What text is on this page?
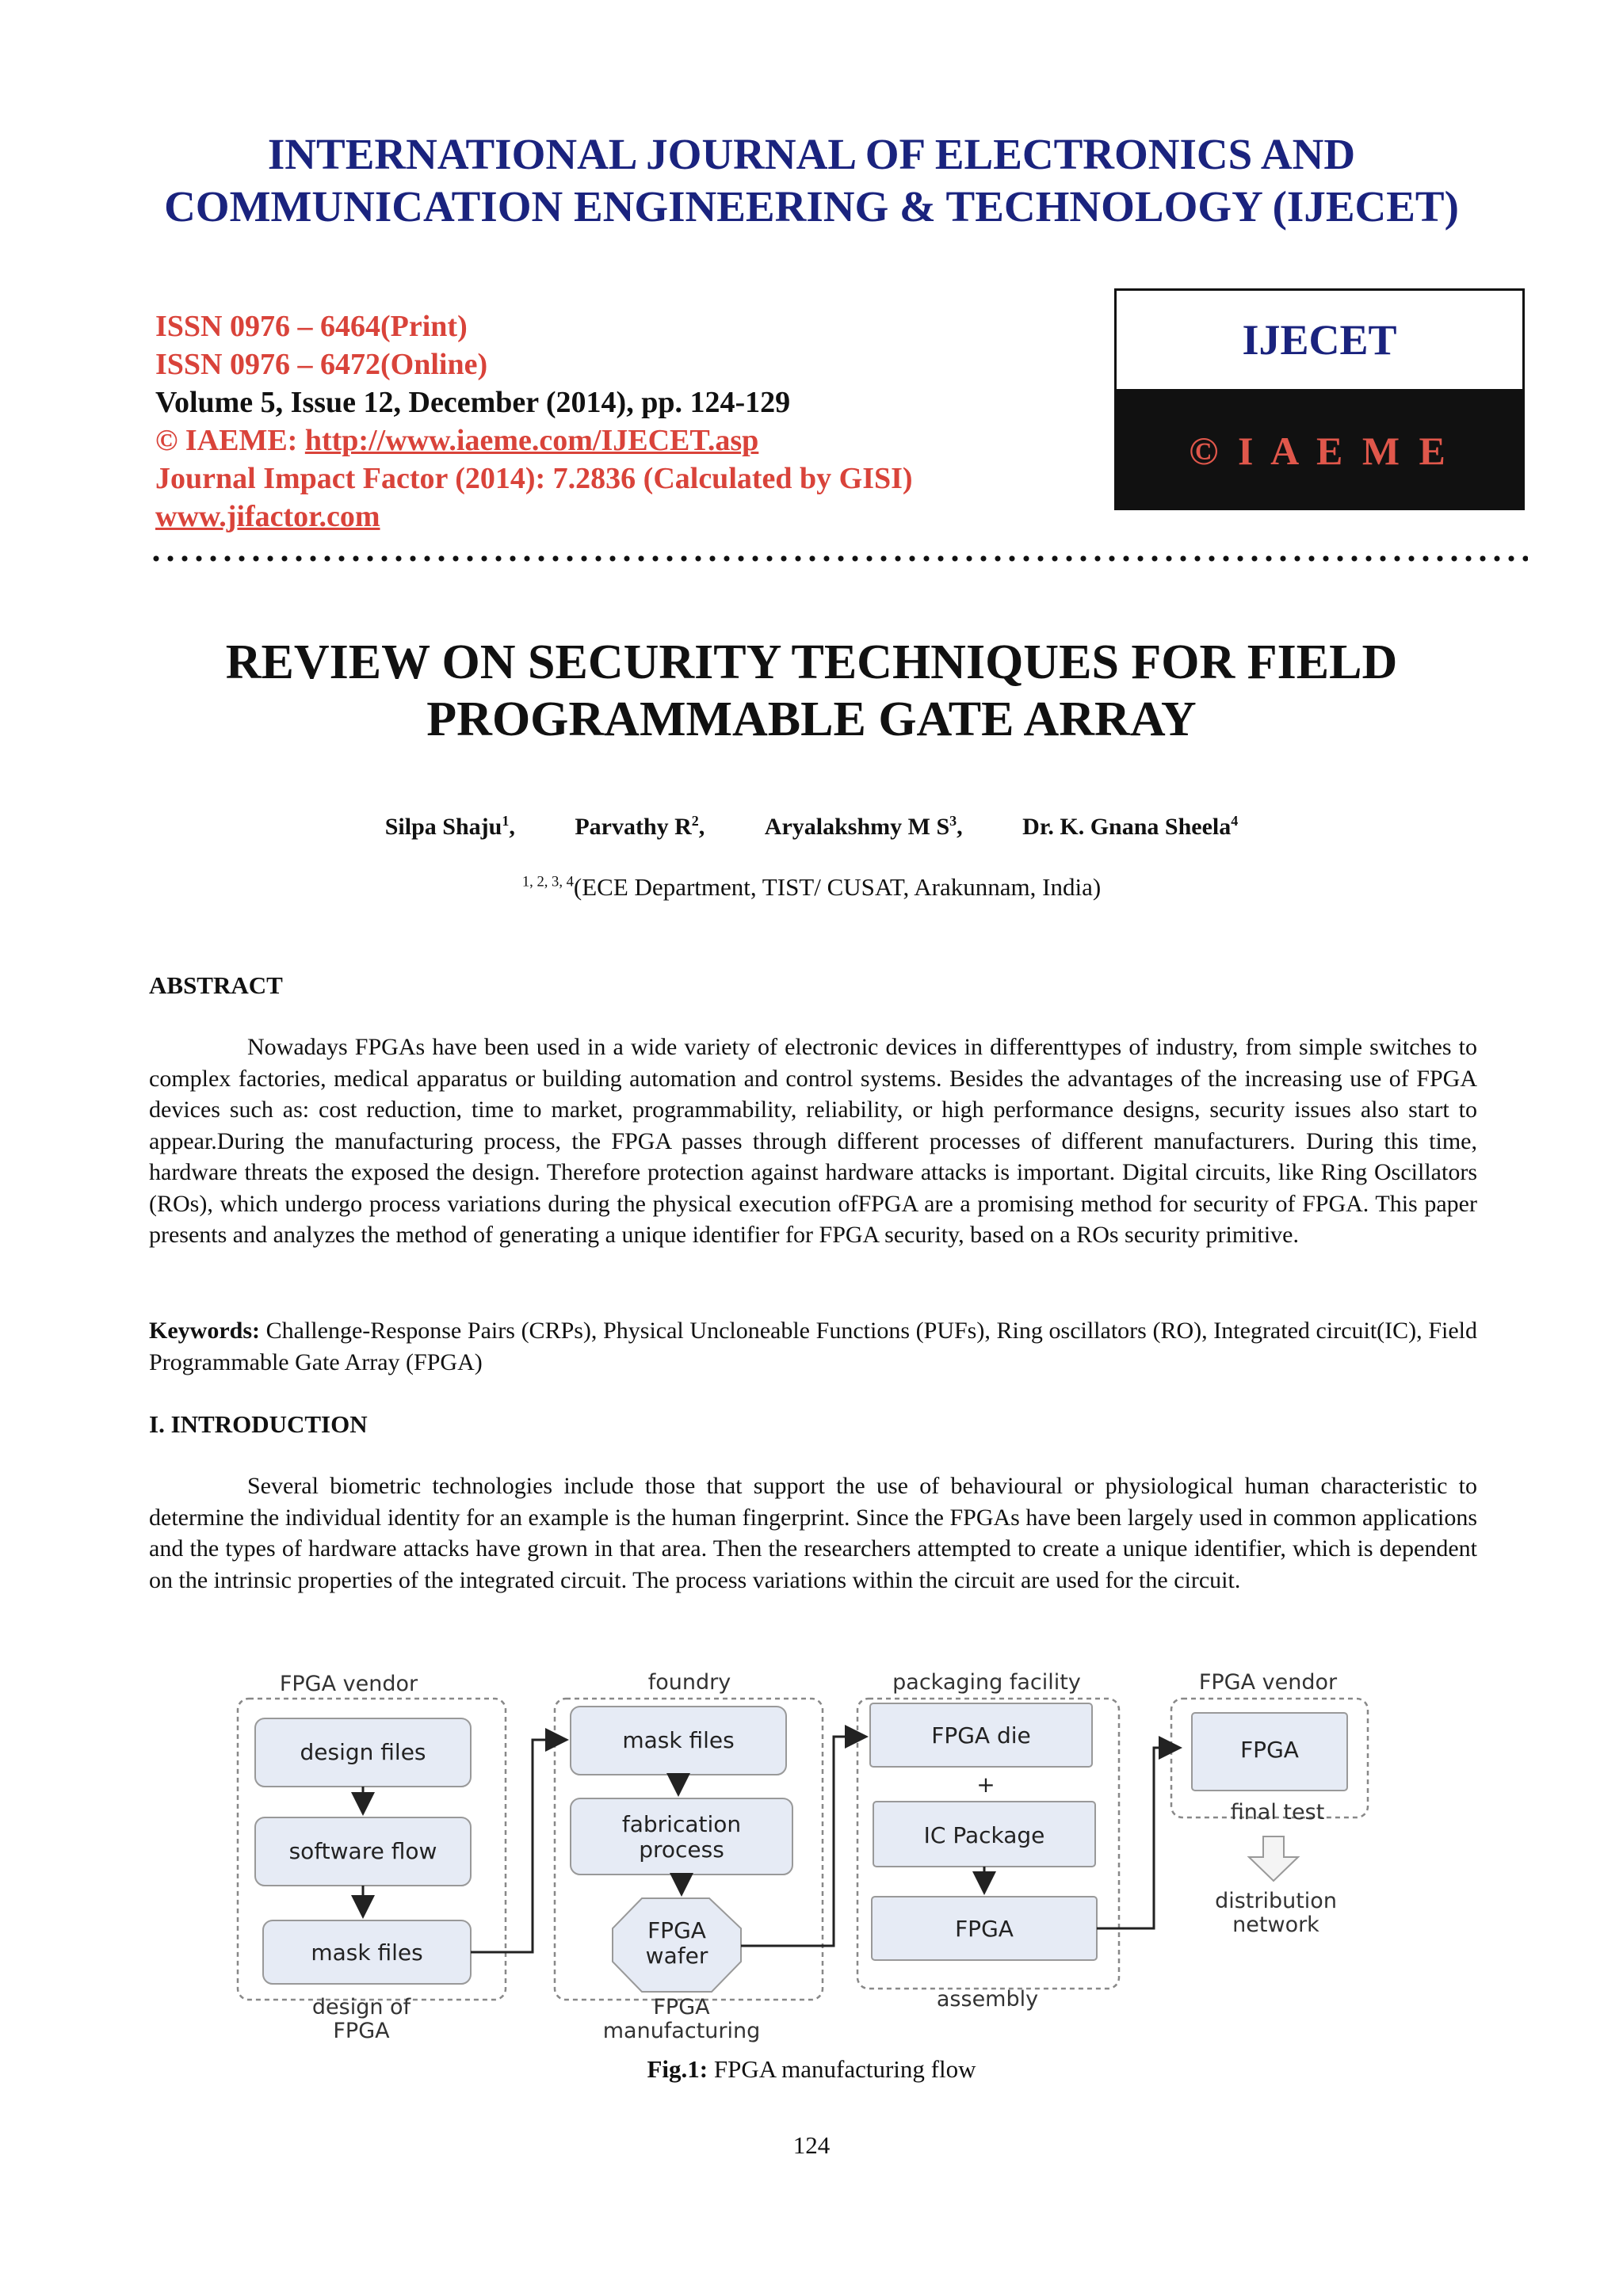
INTERNATIONAL JOURNAL OF ELECTRONICS AND
COMMUNICATION ENGINEERING & TECHNOLOGY (IJECET)
ISSN 0976 – 6464(Print)
ISSN 0976 – 6472(Online)
Volume 5, Issue 12, December (2014), pp. 124-129
© IAEME: http://www.iaeme.com/IJECET.asp
Journal Impact Factor (2014): 7.2836 (Calculated by GISI)
www.jifactor.com
IJECET
© I A E M E
REVIEW ON SECURITY TECHNIQUES FOR FIELD
PROGRAMMABLE GATE ARRAY
Silpa Shaju$^1$,	Parvathy $R^2$,	Aryalakshmy M $S^3$,	Dr. K. Gnana Sheela$^4$
$^{1, 2, 3, 4}$(ECE Department, TIST/ CUSAT, Arakunnam, India)
ABSTRACT

Nowadays FPGAs have been used in a wide variety of electronic devices in differenttypes of industry, from simple switches to complex factories, medical apparatus or building automation and control systems. Besides the advantages of the increasing use of FPGA devices such as: cost reduction, time to market, programmability, reliability, or high performance designs, security issues also start to appear.During the manufacturing process, the FPGA passes through different processes of different manufacturers. During this time, hardware threats the exposed the design. Therefore protection against hardware attacks is important. Digital circuits, like Ring Oscillators (ROs), which undergo process variations during the physical execution ofFPGA are a promising method for security of FPGA. This paper presents and analyzes the method of generating a unique identifier for FPGA security, based on a ROs security primitive.

Keywords: Challenge-Response Pairs (CRPs), Physical Uncloneable Functions (PUFs), Ring oscillators (RO), Integrated circuit(IC), Field Programmable Gate Array (FPGA)
I. INTRODUCTION

Several biometric technologies include those that support the use of behavioural or physiological human characteristic to determine the individual identity for an example is the human fingerprint. Since the FPGAs have been largely used in common applications and the types of hardware attacks have grown in that area. Then the researchers attempted to create a unique identifier, which is dependent on the intrinsic properties of the integrated circuit. The process variations within the circuit are used for the circuit.

FPGA vendor	foundry	packaging facility	FPGA vendor
design files
software flow
mask files
design of
FPGA
mask files
fabrication
process
FPGA
wafer
FPGA
manufacturing
FPGA die
+
IC Package
FPGA
assembly
FPGA
final test
distribution
network
Fig.1: FPGA manufacturing flow
124
